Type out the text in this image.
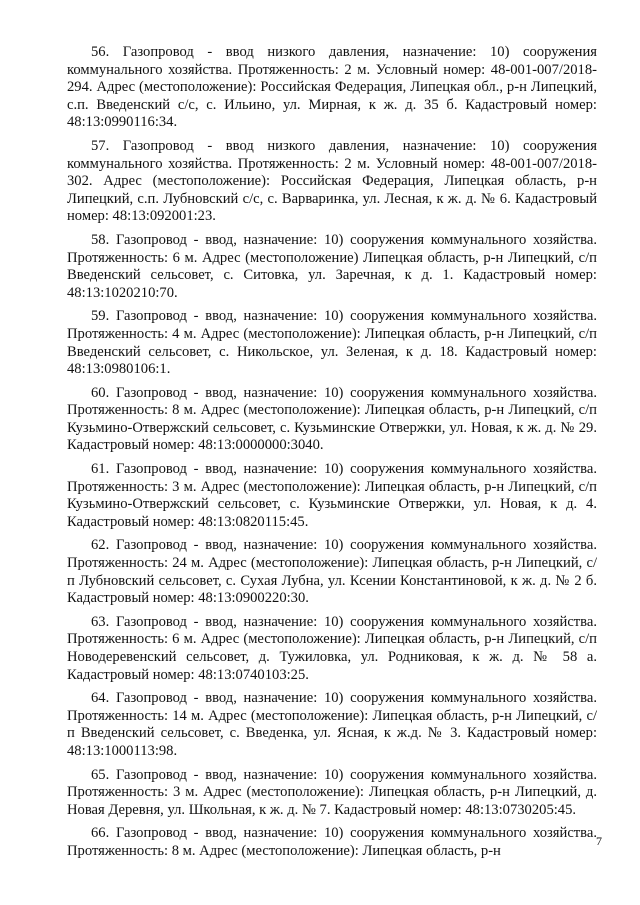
56. Газопровод - ввод низкого давления, назначение: 10) сооружения коммунального хозяйства. Протяженность: 2 м. Условный номер: 48-001-007/2018-294. Адрес (местоположение): Российская Федерация, Липецкая обл., р-н Липецкий, с.п. Введенский с/с, с. Ильино, ул. Мирная, к ж. д. 35 б. Кадастровый номер: 48:13:0990116:34.

57. Газопровод - ввод низкого давления, назначение: 10) сооружения коммунального хозяйства. Протяженность: 2 м. Условный номер: 48-001-007/2018-302. Адрес (местоположение): Российская Федерация, Липецкая область, р-н Липецкий, с.п. Лубновский с/с, с. Варваринка, ул. Лесная, к ж. д. № 6. Кадастровый номер: 48:13:092001:23.

58. Газопровод - ввод, назначение: 10) сооружения коммунального хозяйства. Протяженность: 6 м. Адрес (местоположение) Липецкая область, р-н Липецкий, с/п Введенский сельсовет, с. Ситовка, ул. Заречная, к д. 1. Кадастровый номер: 48:13:1020210:70.

59. Газопровод - ввод, назначение: 10) сооружения коммунального хозяйства. Протяженность: 4 м. Адрес (местоположение): Липецкая область, р-н Липецкий, с/п Введенский сельсовет, с. Никольское, ул. Зеленая, к д. 18. Кадастровый номер: 48:13:0980106:1.

60. Газопровод - ввод, назначение: 10) сооружения коммунального хозяйства. Протяженность: 8 м. Адрес (местоположение): Липецкая область, р-н Липецкий, с/п Кузьмино-Отвержский сельсовет, с. Кузьминские Отвержки, ул. Новая, к ж. д. № 29. Кадастровый номер: 48:13:0000000:3040.

61. Газопровод - ввод, назначение: 10) сооружения коммунального хозяйства. Протяженность: 3 м. Адрес (местоположение): Липецкая область, р-н Липецкий, с/п Кузьмино-Отвержский сельсовет, с. Кузьминские Отвержки, ул. Новая, к д. 4. Кадастровый номер: 48:13:0820115:45.

62. Газопровод - ввод, назначение: 10) сооружения коммунального хозяйства. Протяженность: 24 м. Адрес (местоположение): Липецкая область, р-н Липецкий, с/п Лубновский сельсовет, с. Сухая Лубна, ул. Ксении Константиновой, к ж. д. № 2 б. Кадастровый номер: 48:13:0900220:30.

63. Газопровод - ввод, назначение: 10) сооружения коммунального хозяйства. Протяженность: 6 м. Адрес (местоположение): Липецкая область, р-н Липецкий, с/п Новодеревенский сельсовет, д. Тужиловка, ул. Родниковая, к ж. д. № 58 а. Кадастровый номер: 48:13:0740103:25.

64. Газопровод - ввод, назначение: 10) сооружения коммунального хозяйства. Протяженность: 14 м. Адрес (местоположение): Липецкая область, р-н Липецкий, с/п Введенский сельсовет, с. Введенка, ул. Ясная, к ж.д. № 3. Кадастровый номер: 48:13:1000113:98.

65. Газопровод - ввод, назначение: 10) сооружения коммунального хозяйства. Протяженность: 3 м. Адрес (местоположение): Липецкая область, р-н Липецкий, д. Новая Деревня, ул. Школьная, к ж. д. № 7. Кадастровый номер: 48:13:0730205:45.

66. Газопровод - ввод, назначение: 10) сооружения коммунального хозяйства. Протяженность: 8 м. Адрес (местоположение): Липецкая область, р-н

7
